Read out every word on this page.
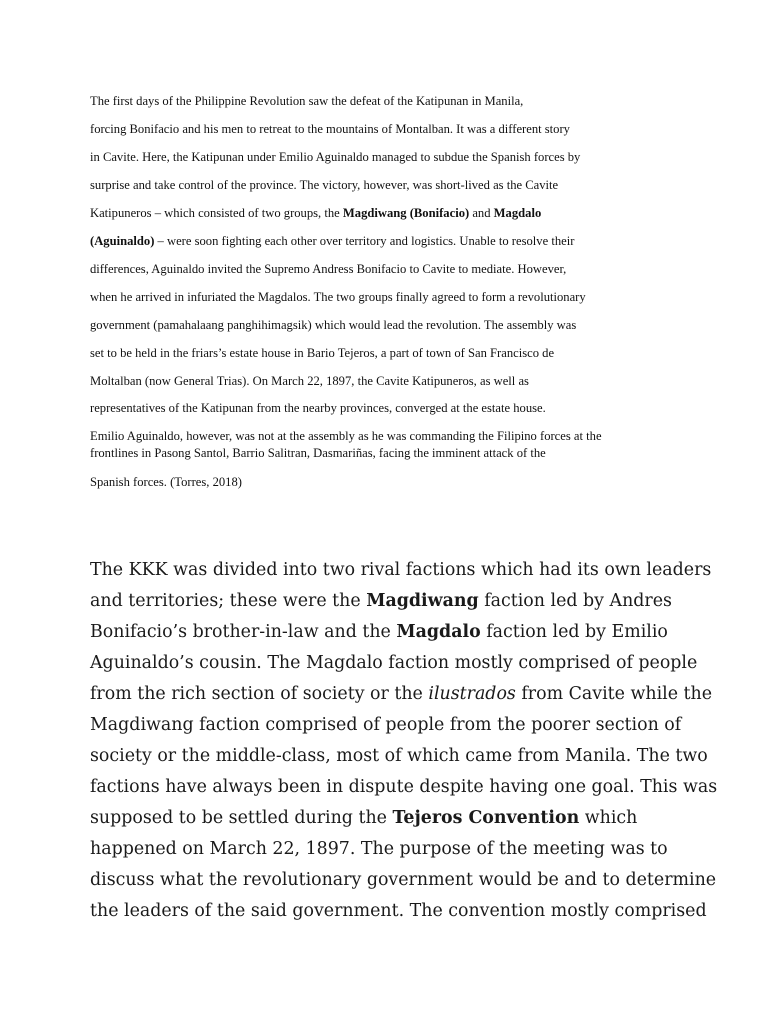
The first days of the Philippine Revolution saw the defeat of the Katipunan in Manila,
forcing Bonifacio and his men to retreat to the mountains of Montalban. It was a different story
in Cavite. Here, the Katipunan under Emilio Aguinaldo managed to subdue the Spanish forces by
surprise and take control of the province. The victory, however, was short-lived as the Cavite
Katipuneros – which consisted of two groups, the Magdiwang (Bonifacio) and Magdalo
(Aguinaldo) – were soon fighting each other over territory and logistics. Unable to resolve their
differences, Aguinaldo invited the Supremo Andress Bonifacio to Cavite to mediate. However,
when he arrived in infuriated the Magdalos. The two groups finally agreed to form a revolutionary
government (pamahalaang panghihimagsik) which would lead the revolution. The assembly was
set to be held in the friars’s estate house in Bario Tejeros, a part of town of San Francisco de
Moltalban (now General Trias). On March 22, 1897, the Cavite Katipuneros, as well as
representatives of the Katipunan from the nearby provinces, converged at the estate house.
Emilio Aguinaldo, however, was not at the assembly as he was commanding the Filipino forces at the
frontlines in Pasong Santol, Barrio Salitran, Dasmariñas, facing the imminent attack of the
Spanish forces. (Torres, 2018)
The KKK was divided into two rival factions which had its own leaders
and territories; these were the Magdiwang faction led by Andres
Bonifacio’s brother-in-law and the Magdalo faction led by Emilio
Aguinaldo’s cousin. The Magdalo faction mostly comprised of people
from the rich section of society or the ilustrados from Cavite while the
Magdiwang faction comprised of people from the poorer section of
society or the middle-class, most of which came from Manila. The two
factions have always been in dispute despite having one goal. This was
supposed to be settled during the Tejeros Convention which
happened on March 22, 1897. The purpose of the meeting was to
discuss what the revolutionary government would be and to determine
the leaders of the said government. The convention mostly comprised
